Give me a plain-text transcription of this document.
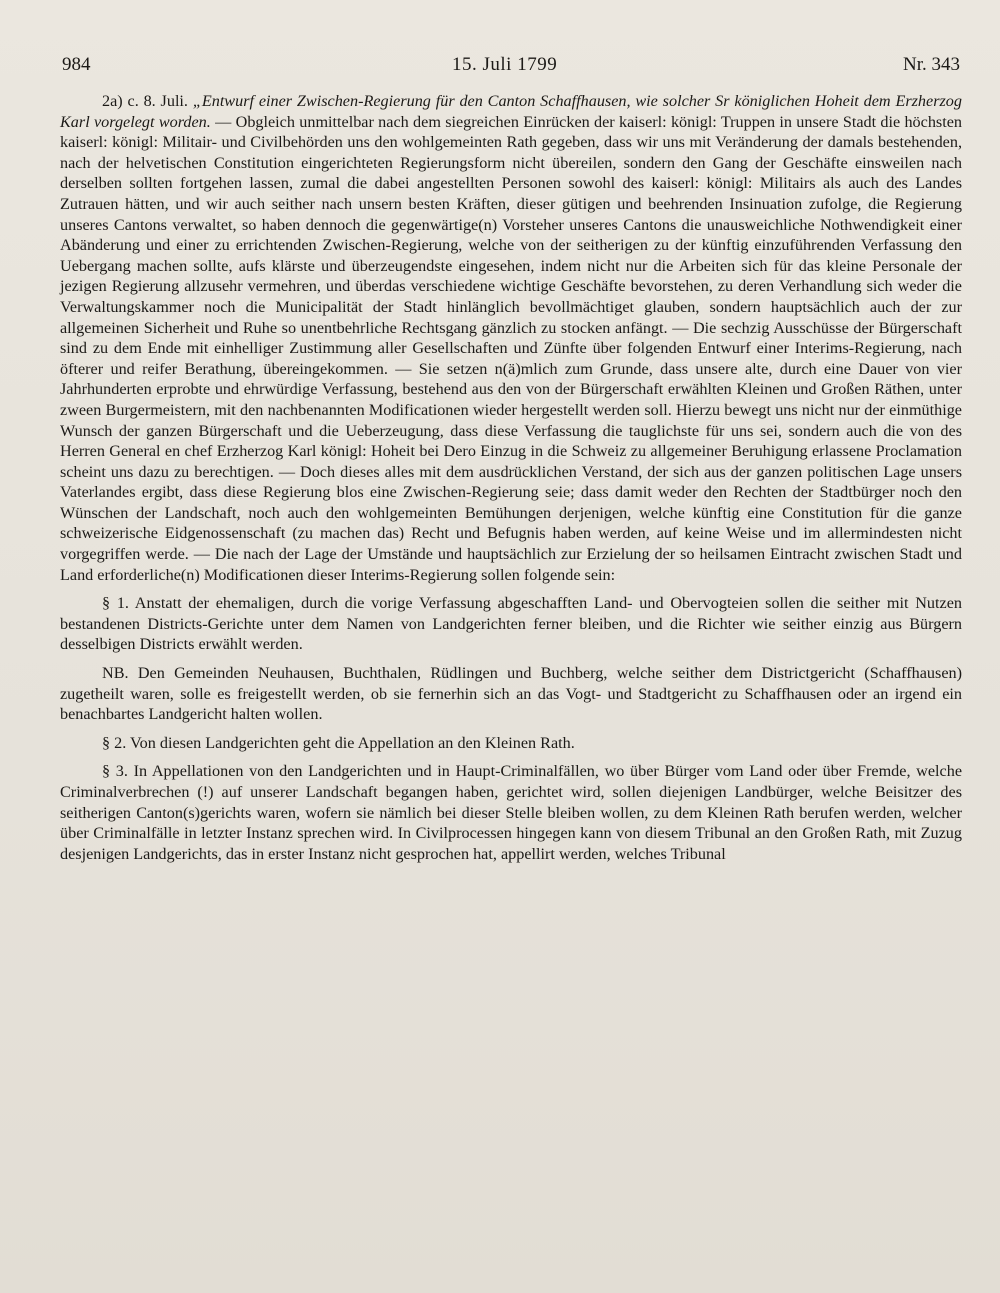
984	15. Juli 1799	Nr. 343

2a) c. 8. Juli. „Entwurf einer Zwischen-Regierung für den Canton Schaffhausen, wie solcher Sr königlichen Hoheit dem Erzherzog Karl vorgelegt worden. — Obgleich unmittelbar nach dem siegreichen Einrücken der kaiserl: königl: Truppen in unsere Stadt die höchsten kaiserl: königl: Militair- und Civilbehörden uns den wohlgemeinten Rath gegeben, dass wir uns mit Veränderung der damals bestehenden, nach der helvetischen Constitution eingerichteten Regierungsform nicht übereilen, sondern den Gang der Geschäfte einsweilen nach derselben sollten fortgehen lassen, zumal die dabei angestellten Personen sowohl des kaiserl: königl: Militairs als auch des Landes Zutrauen hätten, und wir auch seither nach unsern besten Kräften, dieser gütigen und beehrenden Insinuation zufolge, die Regierung unseres Cantons verwaltet, so haben dennoch die gegenwärtige(n) Vorsteher unseres Cantons die unausweichliche Nothwendigkeit einer Abänderung und einer zu errichtenden Zwischen-Regierung, welche von der seitherigen zu der künftig einzuführenden Verfassung den Uebergang machen sollte, aufs klärste und überzeugendste eingesehen, indem nicht nur die Arbeiten sich für das kleine Personale der jezigen Regierung allzusehr vermehren, und überdas verschiedene wichtige Geschäfte bevorstehen, zu deren Verhandlung sich weder die Verwaltungskammer noch die Municipalität der Stadt hinlänglich bevollmächtiget glauben, sondern hauptsächlich auch der zur allgemeinen Sicherheit und Ruhe so unentbehrliche Rechtsgang gänzlich zu stocken anfängt. — Die sechzig Ausschüsse der Bürgerschaft sind zu dem Ende mit einhelliger Zustimmung aller Gesellschaften und Zünfte über folgenden Entwurf einer Interims-Regierung, nach öfterer und reifer Berathung, übereingekommen. — Sie setzen n(ä)mlich zum Grunde, dass unsere alte, durch eine Dauer von vier Jahrhunderten erprobte und ehrwürdige Verfassung, bestehend aus den von der Bürgerschaft erwählten Kleinen und Großen Räthen, unter zween Burgermeistern, mit den nachbenannten Modificationen wieder hergestellt werden soll. Hierzu bewegt uns nicht nur der einmüthige Wunsch der ganzen Bürgerschaft und die Ueberzeugung, dass diese Verfassung die tauglichste für uns sei, sondern auch die von des Herren General en chef Erzherzog Karl königl: Hoheit bei Dero Einzug in die Schweiz zu allgemeiner Beruhigung erlassene Proclamation scheint uns dazu zu berechtigen. — Doch dieses alles mit dem ausdrücklichen Verstand, der sich aus der ganzen politischen Lage unsers Vaterlandes ergibt, dass diese Regierung blos eine Zwischen-Regierung seie; dass damit weder den Rechten der Stadtbürger noch den Wünschen der Landschaft, noch auch den wohlgemeinten Bemühungen derjenigen, welche künftig eine Constitution für die ganze schweizerische Eidgenossenschaft (zu machen das) Recht und Befugnis haben werden, auf keine Weise und im allermindesten nicht vorgegriffen werde. — Die nach der Lage der Umstände und hauptsächlich zur Erzielung der so heilsamen Eintracht zwischen Stadt und Land erforderliche(n) Modificationen dieser Interims-Regierung sollen folgende sein:

§ 1. Anstatt der ehemaligen, durch die vorige Verfassung abgeschafften Land- und Obervogteien sollen die seither mit Nutzen bestandenen Districts-Gerichte unter dem Namen von Landgerichten ferner bleiben, und die Richter wie seither einzig aus Bürgern desselbigen Districts erwählt werden.

NB. Den Gemeinden Neuhausen, Buchthalen, Rüdlingen und Buchberg, welche seither dem Districtgericht (Schaffhausen) zugetheilt waren, solle es freigestellt werden, ob sie fernerhin sich an das Vogt- und Stadtgericht zu Schaffhausen oder an irgend ein benachbartes Landgericht halten wollen.

§ 2. Von diesen Landgerichten geht die Appellation an den Kleinen Rath.

§ 3. In Appellationen von den Landgerichten und in Haupt-Criminalfällen, wo über Bürger vom Land oder über Fremde, welche Criminalverbrechen (!) auf unserer Landschaft begangen haben, gerichtet wird, sollen diejenigen Landbürger, welche Beisitzer des seitherigen Canton(s)gerichts waren, wofern sie nämlich bei dieser Stelle bleiben wollen, zu dem Kleinen Rath berufen werden, welcher über Criminalfälle in letzter Instanz sprechen wird. In Civilprocessen hingegen kann von diesem Tribunal an den Großen Rath, mit Zuzug desjenigen Landgerichts, das in erster Instanz nicht gesprochen hat, appellirt werden, welches Tribunal
